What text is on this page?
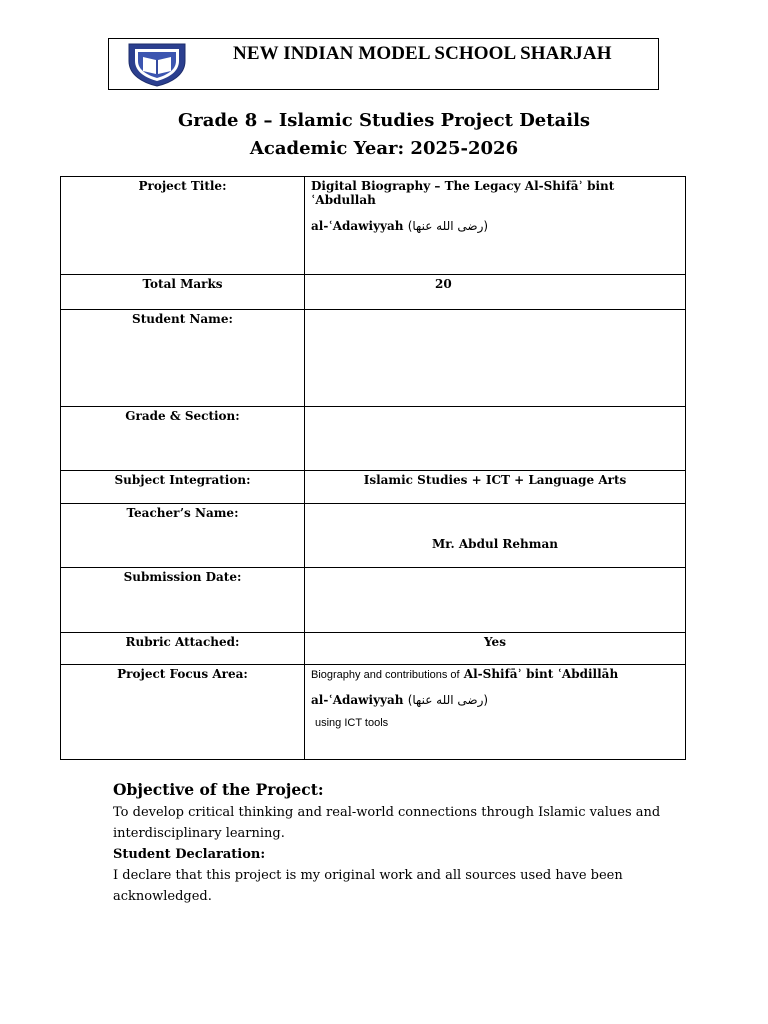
NEW INDIAN MODEL SCHOOL SHARJAH
Grade 8 – Islamic Studies Project Details
Academic Year: 2025-2026
Project Title:	Digital Biography – The Legacy Al-Shifāʾ bint ʿAbdullah
al-ʿAdawiyyah (رضی الله عنها)

Total Marks	20

Student Name:	

Grade & Section:	

Subject Integration:	Islamic Studies + ICT + Language Arts

Teacher’s Name:	Mr. Abdul Rehman

Submission Date:	

Rubric Attached:	Yes

Project Focus Area:	Biography and contributions of Al-Shifāʾ bint ʿAbdillāh
al-ʿAdawiyyah (رضی الله عنها)
using ICT tools
Objective of the Project:
To develop critical thinking and real-world connections through Islamic values and interdisciplinary learning.
Student Declaration:
I declare that this project is my original work and all sources used have been acknowledged.
